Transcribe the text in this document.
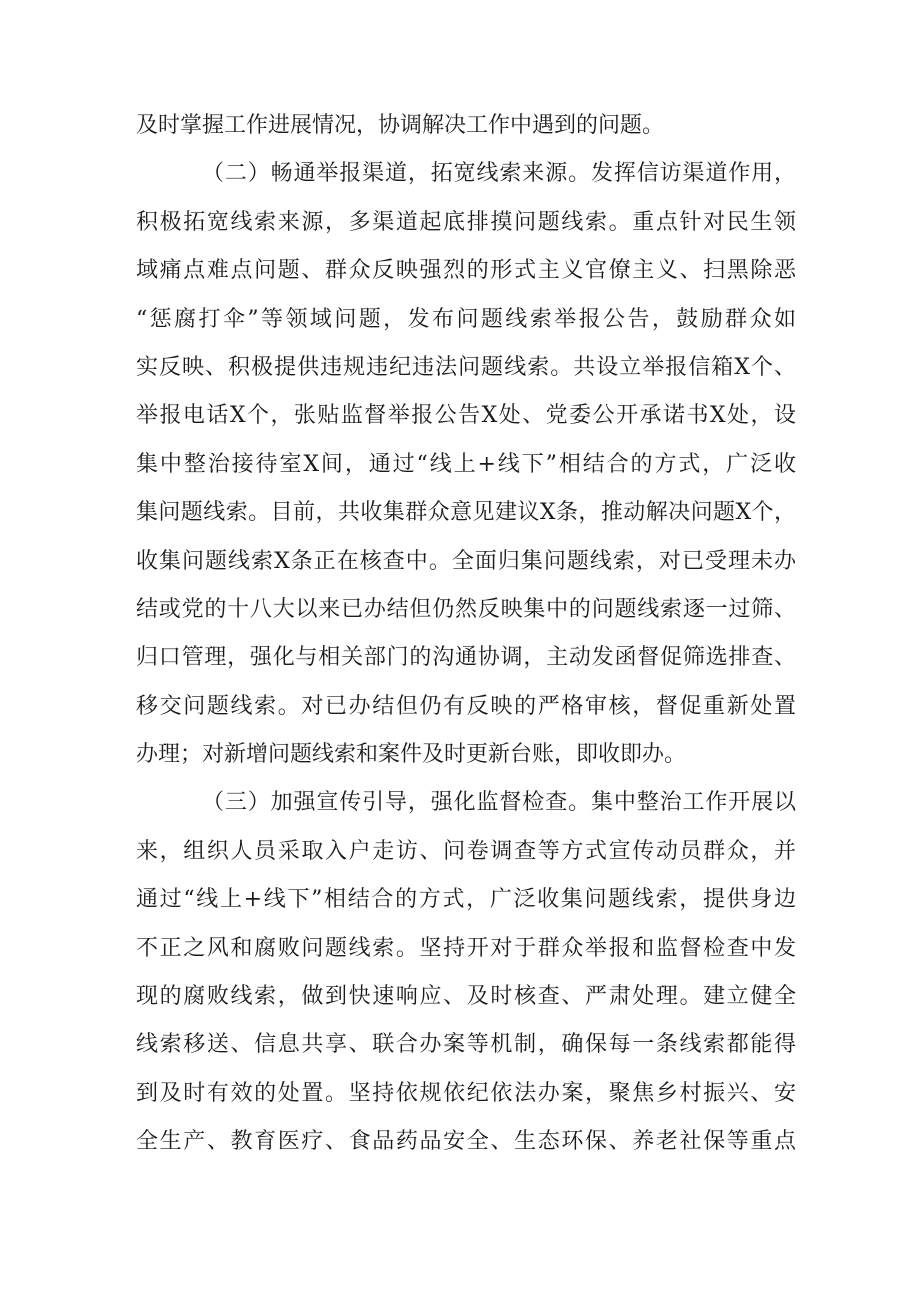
及时掌握工作进展情况，协调解决工作中遇到的问题。
（二）畅通举报渠道，拓宽线索来源。发挥信访渠道作用，
积极拓宽线索来源，多渠道起底排摸问题线索。重点针对民生领
域痛点难点问题、群众反映强烈的形式主义官僚主义、扫黑除恶
“惩腐打伞”等领域问题，发布问题线索举报公告，鼓励群众如
实反映、积极提供违规违纪违法问题线索。共设立举报信箱X个、
举报电话X个，张贴监督举报公告X处、党委公开承诺书X处，设
集中整治接待室X间，通过“线上+线下”相结合的方式，广泛收
集问题线索。目前，共收集群众意见建议X条，推动解决问题X个，
收集问题线索X条正在核查中。全面归集问题线索，对已受理未办
结或党的十八大以来已办结但仍然反映集中的问题线索逐一过筛、
归口管理，强化与相关部门的沟通协调，主动发函督促筛选排查、
移交问题线索。对已办结但仍有反映的严格审核，督促重新处置
办理；对新增问题线索和案件及时更新台账，即收即办。
（三）加强宣传引导，强化监督检查。集中整治工作开展以
来，组织人员采取入户走访、问卷调查等方式宣传动员群众，并
通过“线上+线下”相结合的方式，广泛收集问题线索，提供身边
不正之风和腐败问题线索。坚持开对于群众举报和监督检查中发
现的腐败线索，做到快速响应、及时核查、严肃处理。建立健全
线索移送、信息共享、联合办案等机制，确保每一条线索都能得
到及时有效的处置。坚持依规依纪依法办案，聚焦乡村振兴、安
全生产、教育医疗、食品药品安全、生态环保、养老社保等重点
